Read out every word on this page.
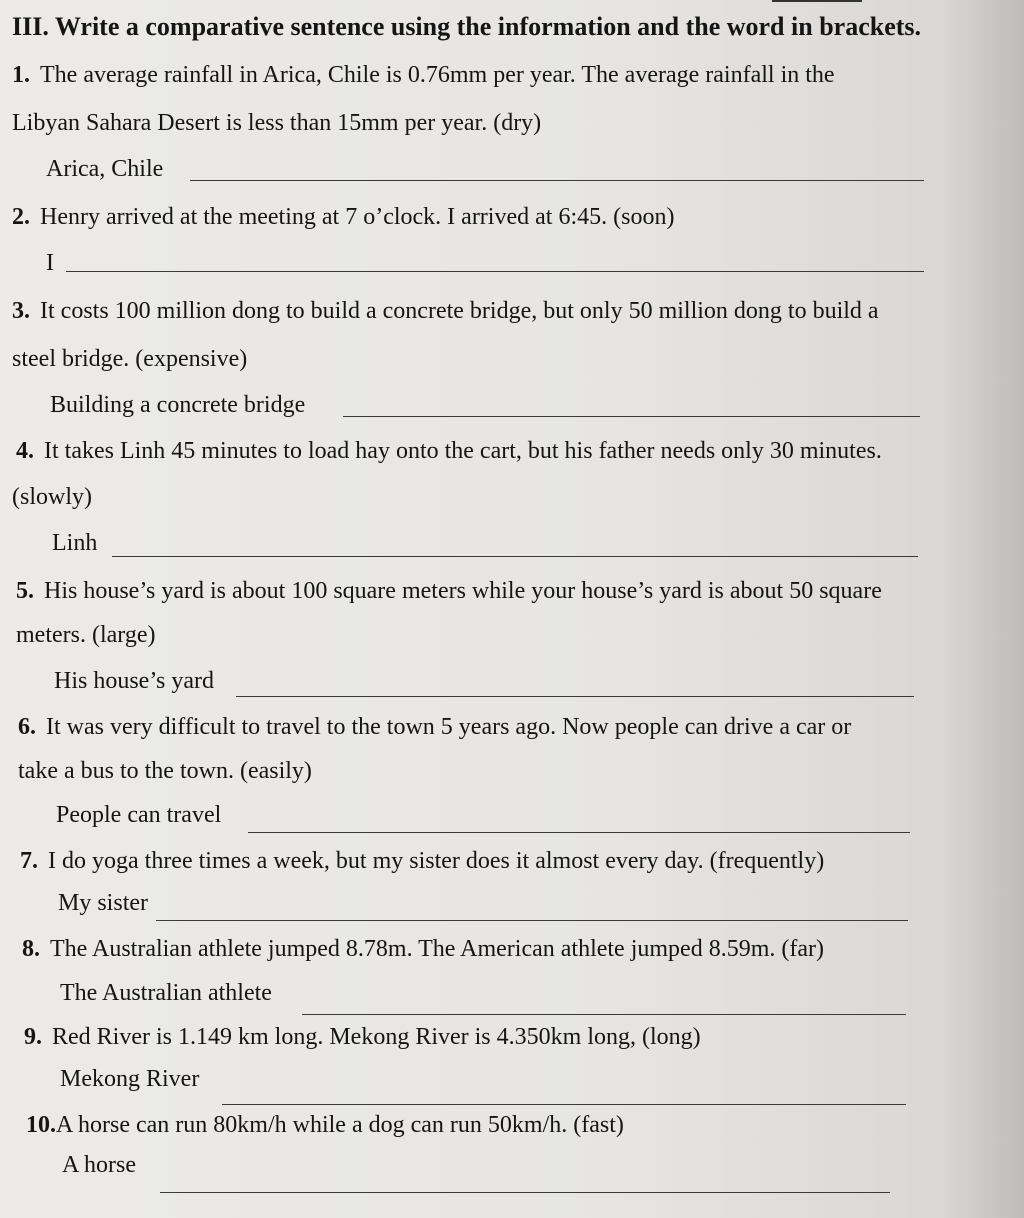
III. Write a comparative sentence using the information and the word in brackets.
1. The average rainfall in Arica, Chile is 0.76mm per year. The average rainfall in the
Libyan Sahara Desert is less than 15mm per year. (dry)
Arica, Chile
2. Henry arrived at the meeting at 7 o’clock. I arrived at 6:45. (soon)
I
3. It costs 100 million dong to build a concrete bridge, but only 50 million dong to build a
steel bridge. (expensive)
Building a concrete bridge
4. It takes Linh 45 minutes to load hay onto the cart, but his father needs only 30 minutes.
(slowly)
Linh
5. His house’s yard is about 100 square meters while your house’s yard is about 50 square
meters. (large)
His house’s yard
6. It was very difficult to travel to the town 5 years ago. Now people can drive a car or
take a bus to the town. (easily)
People can travel
7. I do yoga three times a week, but my sister does it almost every day. (frequently)
My sister
8. The Australian athlete jumped 8.78m. The American athlete jumped 8.59m. (far)
The Australian athlete
9. Red River is 1.149 km long. Mekong River is 4.350km long, (long)
Mekong River
10.A horse can run 80km/h while a dog can run 50km/h. (fast)
A horse
